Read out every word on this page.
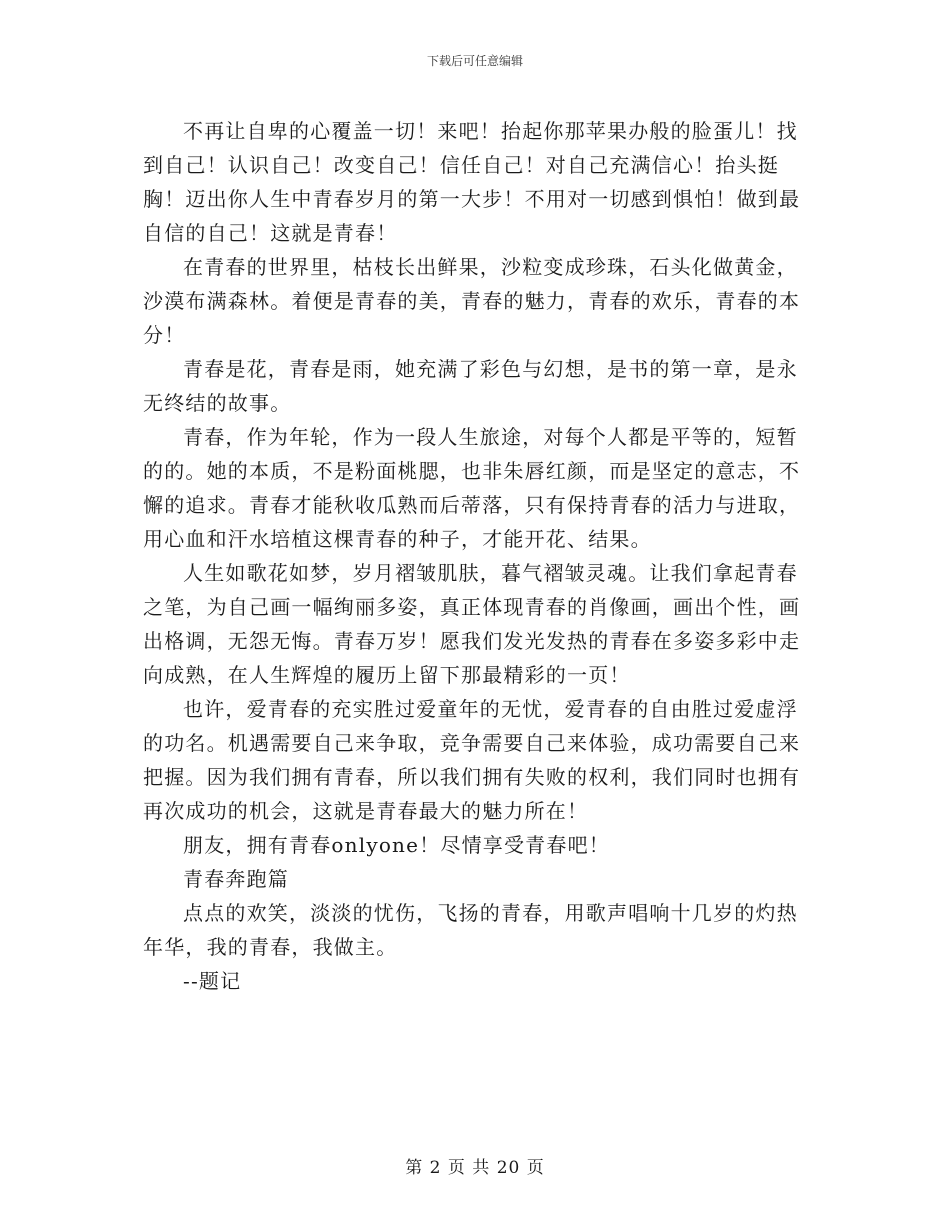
下载后可任意编辑

不再让自卑的心覆盖一切！来吧！抬起你那苹果办般的脸蛋儿！找到自己！认识自己！改变自己！信任自己！对自己充满信心！抬头挺胸！迈出你人生中青春岁月的第一大步！不用对一切感到惧怕！做到最自信的自己！这就是青春！

在青春的世界里，枯枝长出鲜果，沙粒变成珍珠，石头化做黄金，沙漠布满森林。着便是青春的美，青春的魅力，青春的欢乐，青春的本分！

青春是花，青春是雨，她充满了彩色与幻想，是书的第一章，是永无终结的故事。

青春，作为年轮，作为一段人生旅途，对每个人都是平等的，短暂的的。她的本质，不是粉面桃腮，也非朱唇红颜，而是坚定的意志，不懈的追求。青春才能秋收瓜熟而后蒂落，只有保持青春的活力与进取，用心血和汗水培植这棵青春的种子，才能开花、结果。

人生如歌花如梦，岁月褶皱肌肤，暮气褶皱灵魂。让我们拿起青春之笔，为自己画一幅绚丽多姿，真正体现青春的肖像画，画出个性，画出格调，无怨无悔。青春万岁！愿我们发光发热的青春在多姿多彩中走向成熟，在人生辉煌的履历上留下那最精彩的一页！

也许，爱青春的充实胜过爱童年的无忧，爱青春的自由胜过爱虚浮的功名。机遇需要自己来争取，竞争需要自己来体验，成功需要自己来把握。因为我们拥有青春，所以我们拥有失败的权利，我们同时也拥有再次成功的机会，这就是青春最大的魅力所在！

朋友，拥有青春onlyone！尽情享受青春吧！

青春奔跑篇

点点的欢笑，淡淡的忧伤，飞扬的青春，用歌声唱响十几岁的灼热年华，我的青春，我做主。

--题记

第 2 页 共 20 页
